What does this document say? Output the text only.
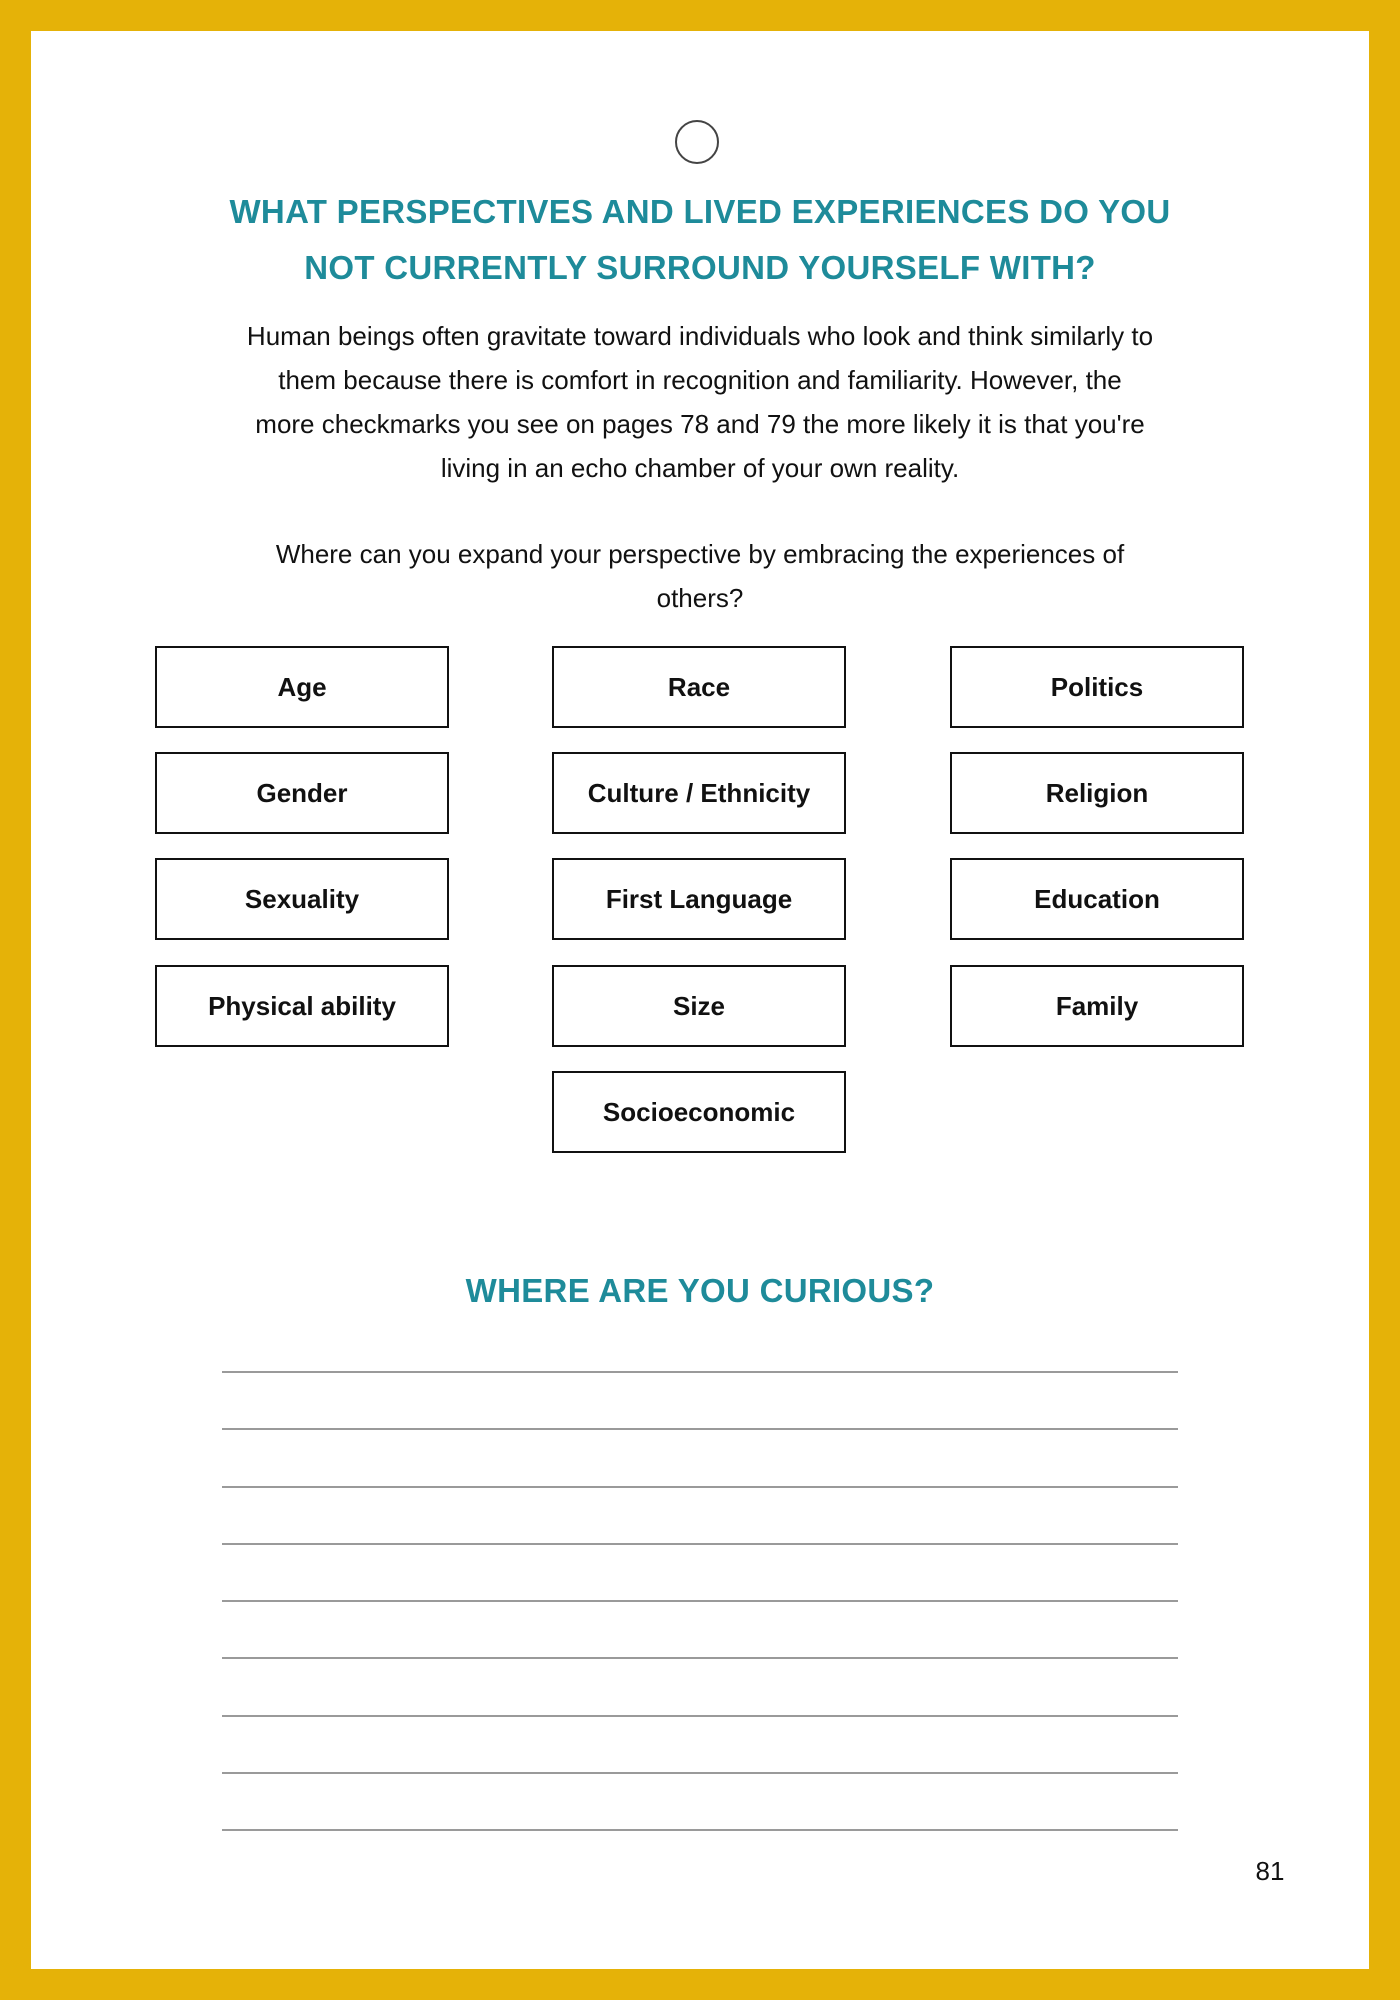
WHAT PERSPECTIVES AND LIVED EXPERIENCES DO YOU
NOT CURRENTLY SURROUND YOURSELF WITH?
Human beings often gravitate toward individuals who look and think similarly to
them because there is comfort in recognition and familiarity. However, the
more checkmarks you see on pages 78 and 79 the more likely it is that you're
living in an echo chamber of your own reality.
Where can you expand your perspective by embracing the experiences of
others?
Age	Race	Politics
Gender	Culture / Ethnicity	Religion
Sexuality	First Language	Education
Physical ability	Size	Family
Socioeconomic
WHERE ARE YOU CURIOUS?
81
